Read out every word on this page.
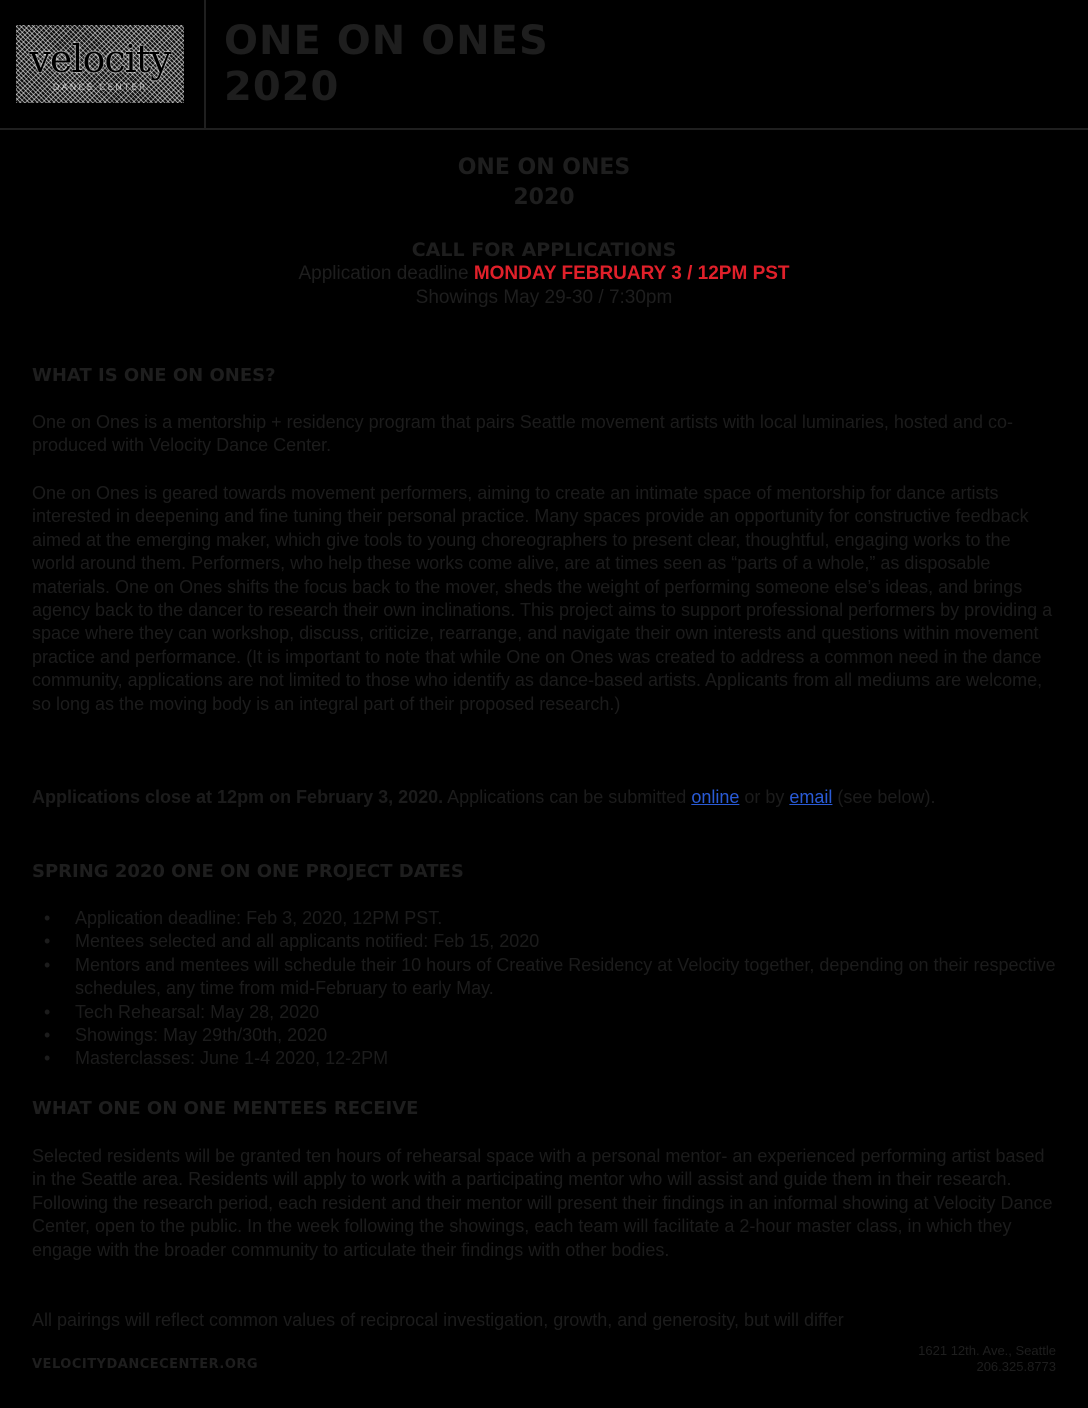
velocity
DANCE CENTER
ONE ON ONES
2020
ONE ON ONES
2020
CALL FOR APPLICATIONS
Application deadline MONDAY FEBRUARY 3 / 12PM PST
Showings May 29-30 / 7:30pm
WHAT IS ONE ON ONES?
One on Ones is a mentorship + residency program that pairs Seattle movement artists with local luminaries, hosted and co-produced with Velocity Dance Center.
One on Ones is geared towards movement performers, aiming to create an intimate space of mentorship for dance artists interested in deepening and fine tuning their personal practice. Many spaces provide an opportunity for constructive feedback aimed at the emerging maker, which give tools to young choreographers to present clear, thoughtful, engaging works to the world around them. Performers, who help these works come alive, are at times seen as “parts of a whole,” as disposable materials. One on Ones shifts the focus back to the mover, sheds the weight of performing someone else’s ideas, and brings agency back to the dancer to research their own inclinations. This project aims to support professional performers by providing a space where they can workshop, discuss, criticize, rearrange, and navigate their own interests and questions within movement practice and performance. (It is important to note that while One on Ones was created to address a common need in the dance community, applications are not limited to those who identify as dance-based artists. Applicants from all mediums are welcome, so long as the moving body is an integral part of their proposed research.)
Applications close at 12pm on February 3, 2020. Applications can be submitted online or by email (see below).
SPRING 2020 ONE ON ONE PROJECT DATES
• Application deadline: Feb 3, 2020, 12PM PST.
• Mentees selected and all applicants notified: Feb 15, 2020
• Mentors and mentees will schedule their 10 hours of Creative Residency at Velocity together, depending on their respective schedules, any time from mid-February to early May.
• Tech Rehearsal: May 28, 2020
• Showings: May 29th/30th, 2020
• Masterclasses: June 1-4 2020, 12-2PM
WHAT ONE ON ONE MENTEES RECEIVE
Selected residents will be granted ten hours of rehearsal space with a personal mentor- an experienced performing artist based in the Seattle area. Residents will apply to work with a participating mentor who will assist and guide them in their research. Following the research period, each resident and their mentor will present their findings in an informal showing at Velocity Dance Center, open to the public. In the week following the showings, each team will facilitate a 2-hour master class, in which they engage with the broader community to articulate their findings with other bodies.
All pairings will reflect common values of reciprocal investigation, growth, and generosity, but will differ
VELOCITYDANCECENTER.ORG
1621 12th. Ave., Seattle
206.325.8773
